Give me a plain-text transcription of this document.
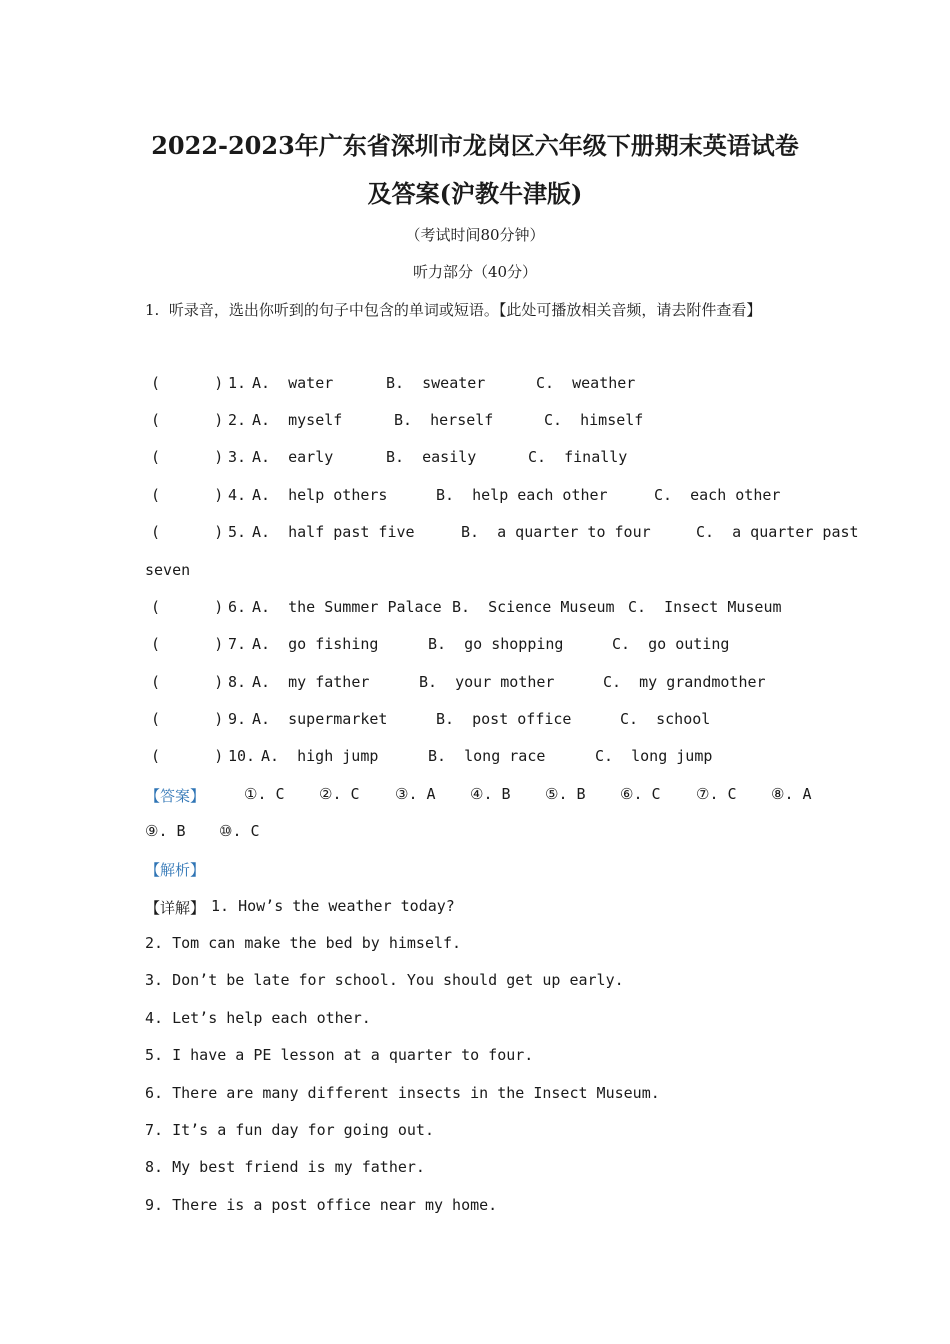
2022-2023年广东省深圳市龙岗区六年级下册期末英语试卷
及答案(沪教牛津版)
（考试时间80分钟）
听力部分（40分）
1.  听录音，选出你听到的句子中包含的单词或短语。【此处可播放相关音频，请去附件查看】
(      ) 1. A.  water	B.  sweater	C.  weather
(      ) 2. A.  myself	B.  herself	C.  himself
(      ) 3. A.  early	B.  easily	C.  finally
(      ) 4. A.  help others	B.  help each other	C.  each other
(      ) 5. A.  half past five	B.  a quarter to four	C.  a quarter past
(      ) 6. A.  the Summer Palace B.  Science Museum C.  Insect Museum
(      ) 7. A.  go fishing	B.  go shopping	C.  go outing
(      ) 8. A.  my father	B.  your mother	C.  my grandmother
(      ) 9. A.  supermarket	B.  post office	C.  school
(      ) 10. A.  high jump	B.  long race	C.  long jump
seven
【答案】	①. C ②. C ③. A ④. B ⑤. B ⑥. C ⑦. C ⑧. A
⑨. B ⑩. C
【解析】
【详解】 1. How’s the weather today?
2. Tom can make the bed by himself.
3. Don’t be late for school. You should get up early.
4. Let’s help each other.
5. I have a PE lesson at a quarter to four.
6. There are many different insects in the Insect Museum.
7. It’s a fun day for going out.
8. My best friend is my father.
9. There is a post office near my home.
